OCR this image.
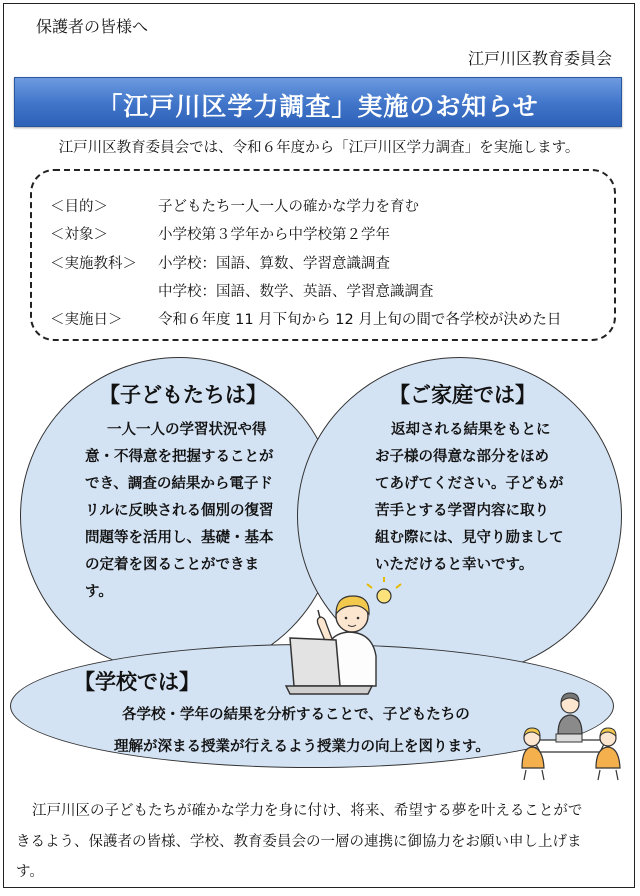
保護者の皆様へ
江戸川区教育委員会
「江戸川区学力調査」実施のお知らせ
江戸川区教育委員会では、令和６年度から「江戸川区学力調査」を実施します。
＜目的＞	子どもたち一人一人の確かな学力を育む
＜対象＞	小学校第３学年から中学校第２学年
＜実施教科＞ 小学校：国語、算数、学習意識調査
中学校：国語、数学、英語、学習意識調査
＜実施日＞ 令和６年度 11 月下旬から 12 月上旬の間で各学校が決めた日
【子どもたちは】
一人一人の学習状況や得
意・不得意を把握することが
でき、調査の結果から電子ド
リルに反映される個別の復習
問題等を活用し、基礎・基本
の定着を図ることができま
す。
【ご家庭では】
返却される結果をもとに
お子様の得意な部分をほめ
てあげてください。子どもが
苦手とする学習内容に取り
組む際には、見守り励まして
いただけると幸いです。
【学校では】
各学校・学年の結果を分析することで、子どもたちの
理解が深まる授業が行えるよう授業力の向上を図ります。
江戸川区の子どもたちが確かな学力を身に付け、将来、希望する夢を叶えることがで
きるよう、保護者の皆様、学校、教育委員会の一層の連携に御協力をお願い申し上げま
す。
